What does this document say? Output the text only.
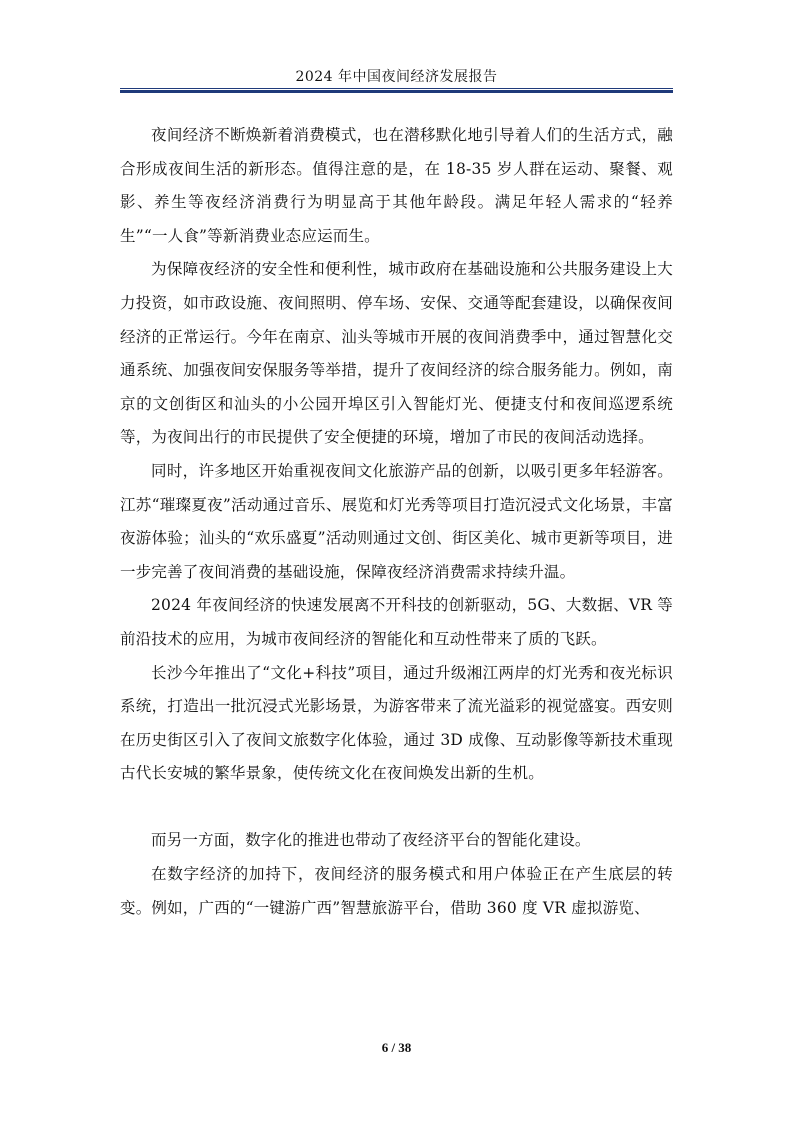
2024 年中国夜间经济发展报告

夜间经济不断焕新着消费模式，也在潜移默化地引导着人们的生活方式，融合形成夜间生活的新形态。值得注意的是，在 18-35 岁人群在运动、聚餐、观影、养生等夜经济消费行为明显高于其他年龄段。满足年轻人需求的“轻养生”“一人食”等新消费业态应运而生。

为保障夜经济的安全性和便利性，城市政府在基础设施和公共服务建设上大力投资，如市政设施、夜间照明、停车场、安保、交通等配套建设，以确保夜间经济的正常运行。今年在南京、汕头等城市开展的夜间消费季中，通过智慧化交通系统、加强夜间安保服务等举措，提升了夜间经济的综合服务能力。例如，南京的文创街区和汕头的小公园开埠区引入智能灯光、便捷支付和夜间巡逻系统等，为夜间出行的市民提供了安全便捷的环境，增加了市民的夜间活动选择。

同时，许多地区开始重视夜间文化旅游产品的创新，以吸引更多年轻游客。江苏“璀璨夏夜”活动通过音乐、展览和灯光秀等项目打造沉浸式文化场景，丰富夜游体验；汕头的“欢乐盛夏”活动则通过文创、街区美化、城市更新等项目，进一步完善了夜间消费的基础设施，保障夜经济消费需求持续升温。

2024 年夜间经济的快速发展离不开科技的创新驱动，5G、大数据、VR 等前沿技术的应用，为城市夜间经济的智能化和互动性带来了质的飞跃。

长沙今年推出了“文化+科技”项目，通过升级湘江两岸的灯光秀和夜光标识系统，打造出一批沉浸式光影场景，为游客带来了流光溢彩的视觉盛宴。西安则在历史街区引入了夜间文旅数字化体验，通过 3D 成像、互动影像等新技术重现古代长安城的繁华景象，使传统文化在夜间焕发出新的生机。

而另一方面，数字化的推进也带动了夜经济平台的智能化建设。

在数字经济的加持下，夜间经济的服务模式和用户体验正在产生底层的转变。例如，广西的“一键游广西”智慧旅游平台，借助 360 度 VR 虚拟游览、

6 / 38
